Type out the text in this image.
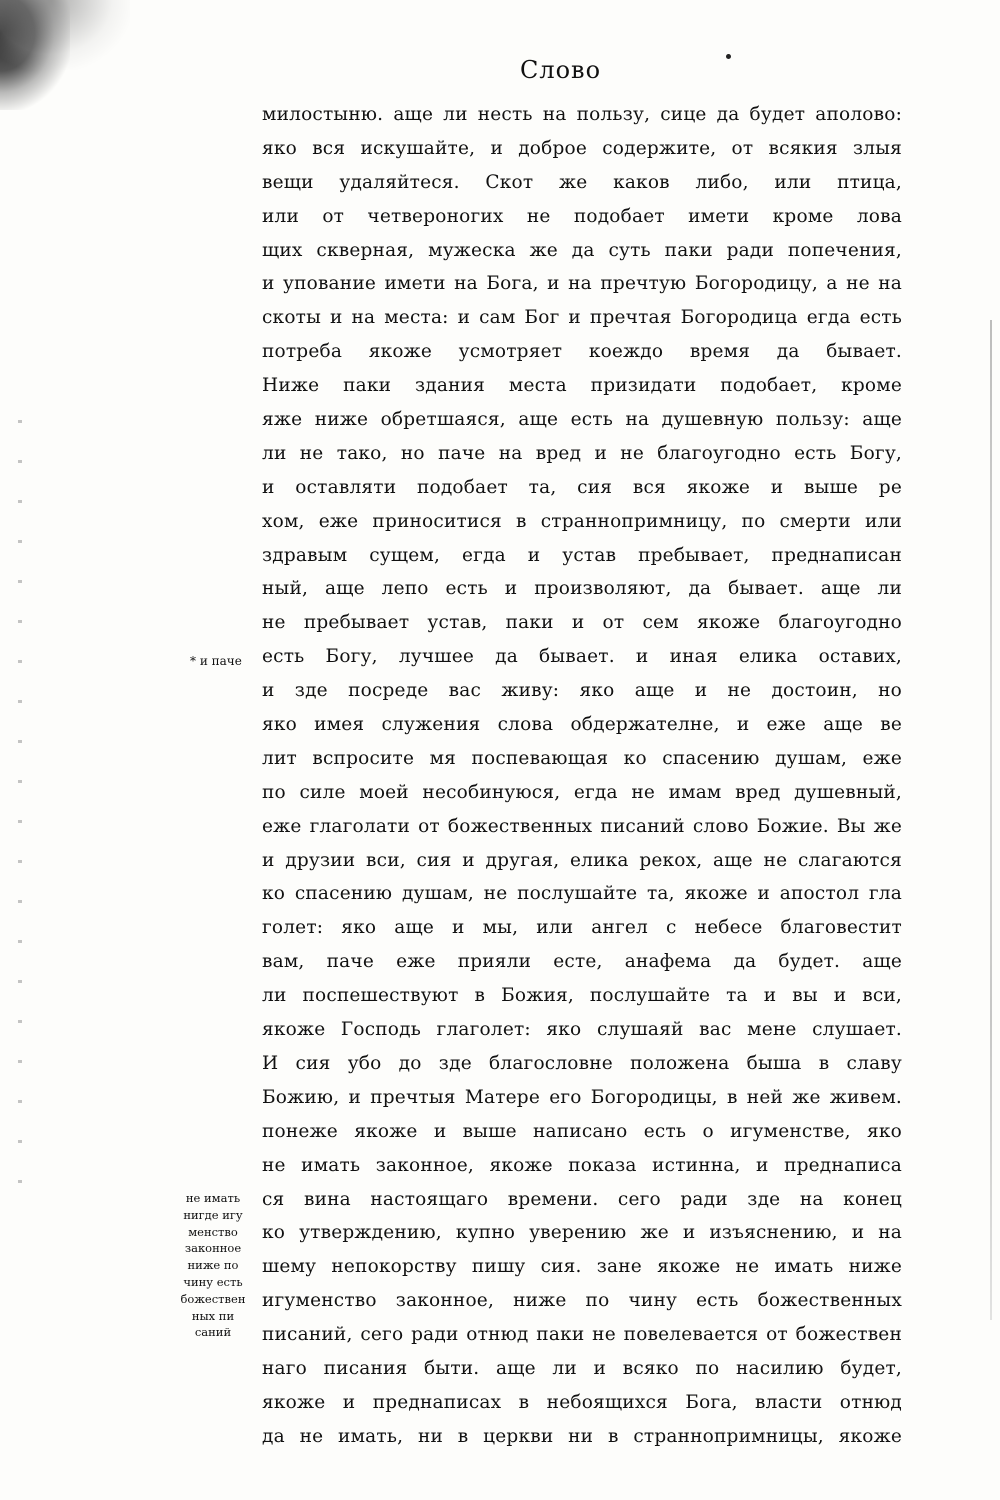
Слово
* и паче
не имать
нигде игу
менство
законное
ниже по
чину есть
божествен
ных пи
саний
милостыню. аще ли несть на пользу, сице да будет аполово:
яко вся искушайте, и доброе содержите, от всякия злыя
вещи удаляйтеся. Скот же каков либо, или птица,
или от четвероногих не подобает имети кроме лова
щих скверная, мужеска же да суть паки ради попечения,
и упование имети на Бога, и на пречтую Богородицу, а не на
скоты и на места: и сам Бог и пречтая Богородица егда есть
потреба якоже усмотряет коеждо время да бывает.
Ниже паки здания места призидати подобает, кроме
яже ниже обретшаяся, аще есть на душевную пользу: аще
ли не тако, но паче на вред и не благоугодно есть Богу,
и оставляти подобает та, сия вся якоже и выше ре
хом, еже приноситися в страннопримницу, по смерти или
здравым сущем, егда и устав пребывает, преднаписан
ный, аще лепо есть и произволяют, да бывает. аще ли
не пребывает устав, паки и от сем якоже благоугодно
есть Богу, лучшее да бывает. и иная елика оставих,
и зде посреде вас живу: яко аще и не достоин, но
яко имея служения слова обдержателне, и еже аще ве
лит вспросите мя поспевающая ко спасению душам, еже
по силе моей несобинуюся, егда не имам вред душевный,
еже глаголати от божественных писаний слово Божие. Вы же
и друзии вси, сия и другая, елика рекох, аще не слагаются
ко спасению душам, не послушайте та, якоже и апостол гла
голет: яко аще и мы, или ангел с небесе благовестит
вам, паче еже прияли есте, анафема да будет. аще
ли поспешествуют в Божия, послушайте та и вы и вси,
якоже Господь глаголет: яко слушаяй вас мене слушает.
И сия убо до зде благословне положена быша в славу
Божию, и пречтыя Матере его Богородицы, в ней же живем.
понеже якоже и выше написано есть о игуменстве, яко
не имать законное, якоже показа истинна, и преднаписа
ся вина настоящаго времени. сего ради зде на конец
ко утверждению, купно уверению же и изъяснению, и на
шему непокорству пишу сия. зане якоже не имать ниже
игуменство законное, ниже по чину есть божественных
писаний, сего ради отнюд паки не повелевается от божествен
наго писания быти. аще ли и всяко по насилию будет,
якоже и преднаписах в небоящихся Бога, власти отнюд
да не имать, ни в церкви ни в страннопримницы, якоже
